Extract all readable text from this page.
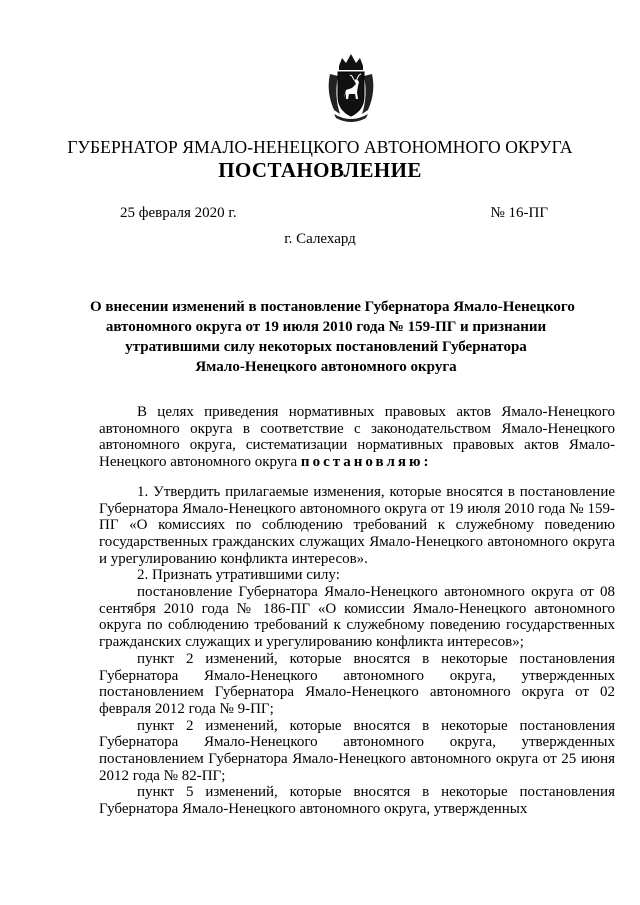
ГУБЕРНАТОР ЯМАЛО-НЕНЕЦКОГО АВТОНОМНОГО ОКРУГА
ПОСТАНОВЛЕНИЕ
25 февраля 2020 г.	№ 16-ПГ
г. Салехард
О внесении изменений в постановление Губернатора Ямало-Ненецкого
автономного округа от 19 июля 2010 года № 159-ПГ и признании
утратившими силу некоторых постановлений Губернатора
Ямало-Ненецкого автономного округа

В целях приведения нормативных правовых актов Ямало-Ненецкого автономного округа в соответствие с законодательством Ямало-Ненецкого автономного округа, систематизации нормативных правовых актов Ямало-Ненецкого автономного округа постановляю:

1. Утвердить прилагаемые изменения, которые вносятся в постановление Губернатора Ямало-Ненецкого автономного округа от 19 июля 2010 года № 159-ПГ «О комиссиях по соблюдению требований к служебному поведению государственных гражданских служащих Ямало-Ненецкого автономного округа и урегулированию конфликта интересов».

2. Признать утратившими силу:

постановление Губернатора Ямало-Ненецкого автономного округа от 08 сентября 2010 года № 186-ПГ «О комиссии Ямало-Ненецкого автономного округа по соблюдению требований к служебному поведению государственных гражданских служащих и урегулированию конфликта интересов»;

пункт 2 изменений, которые вносятся в некоторые постановления Губернатора Ямало-Ненецкого автономного округа, утвержденных постановлением Губернатора Ямало-Ненецкого автономного округа от 02 февраля 2012 года № 9-ПГ;

пункт 2 изменений, которые вносятся в некоторые постановления Губернатора Ямало-Ненецкого автономного округа, утвержденных постановлением Губернатора Ямало-Ненецкого автономного округа от 25 июня 2012 года № 82-ПГ;

пункт 5 изменений, которые вносятся в некоторые постановления Губернатора Ямало-Ненецкого автономного округа, утвержденных
